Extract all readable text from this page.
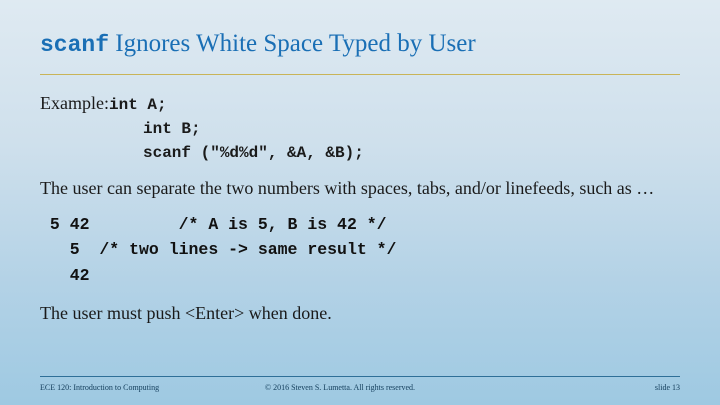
scanf Ignores White Space Typed by User
Example:int A;
int B;
scanf ("%d%d", &A, &B);
The user can separate the two numbers with spaces, tabs, and/or linefeeds, such as …
5 42         /* A is 5, B is 42 */
5  /* two lines -> same result */
42
The user must push <Enter> when done.
ECE 120: Introduction to Computing	© 2016 Steven S. Lumetta. All rights reserved.	slide 13
